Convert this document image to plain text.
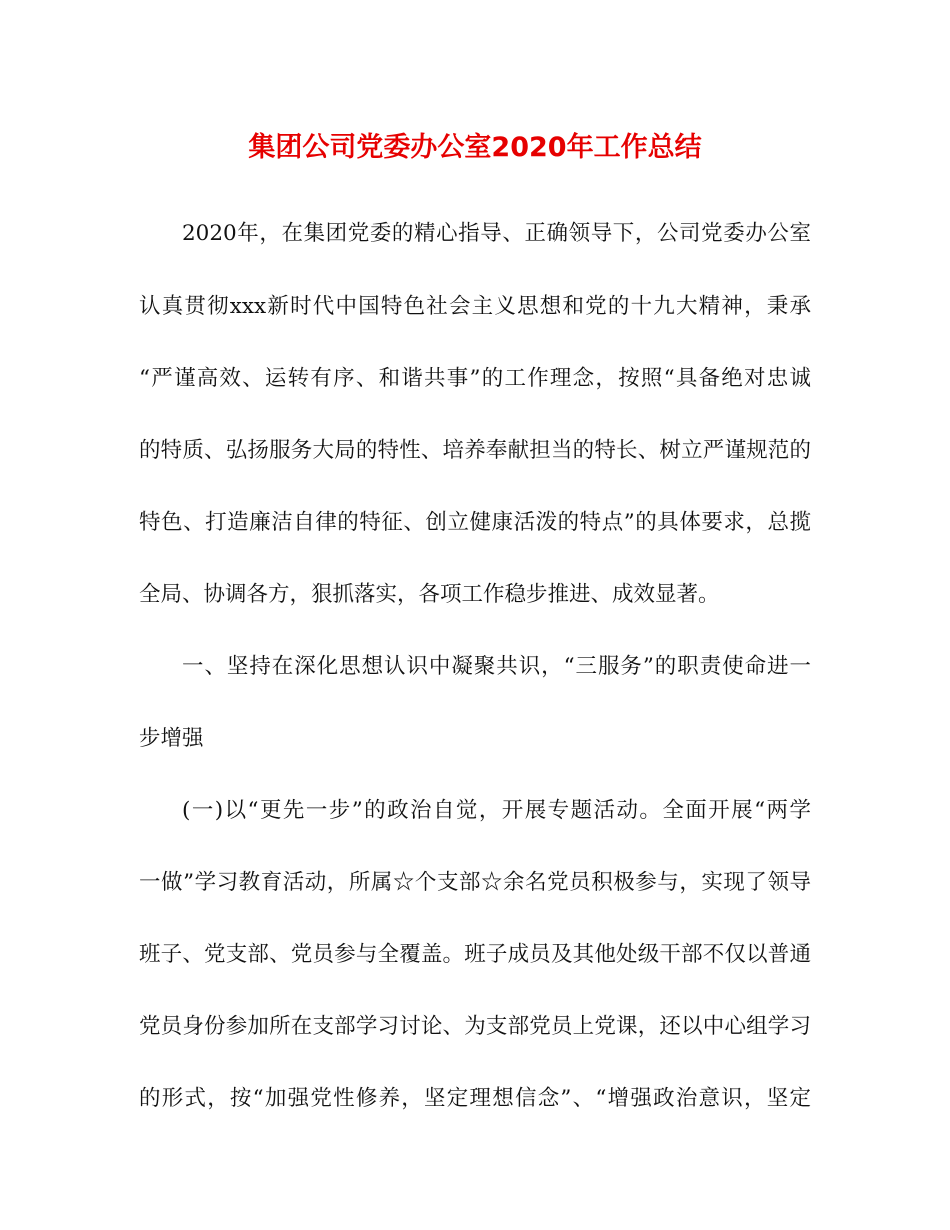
集团公司党委办公室2020年工作总结

2020年，在集团党委的精心指导、正确领导下，公司党委办公室

认真贯彻xxx新时代中国特色社会主义思想和党的十九大精神，秉承

“严谨高效、运转有序、和谐共事”的工作理念，按照“具备绝对忠诚

的特质、弘扬服务大局的特性、培养奉献担当的特长、树立严谨规范的

特色、打造廉洁自律的特征、创立健康活泼的特点”的具体要求，总揽

全局、协调各方，狠抓落实，各项工作稳步推进、成效显著。

一、坚持在深化思想认识中凝聚共识，“三服务”的职责使命进一

步增强

(一)以“更先一步”的政治自觉，开展专题活动。全面开展“两学

一做”学习教育活动，所属☆个支部☆余名党员积极参与，实现了领导

班子、党支部、党员参与全覆盖。班子成员及其他处级干部不仅以普通

党员身份参加所在支部学习讨论、为支部党员上党课，还以中心组学习

的形式，按“加强党性修养，坚定理想信念”、“增强政治意识，坚定
